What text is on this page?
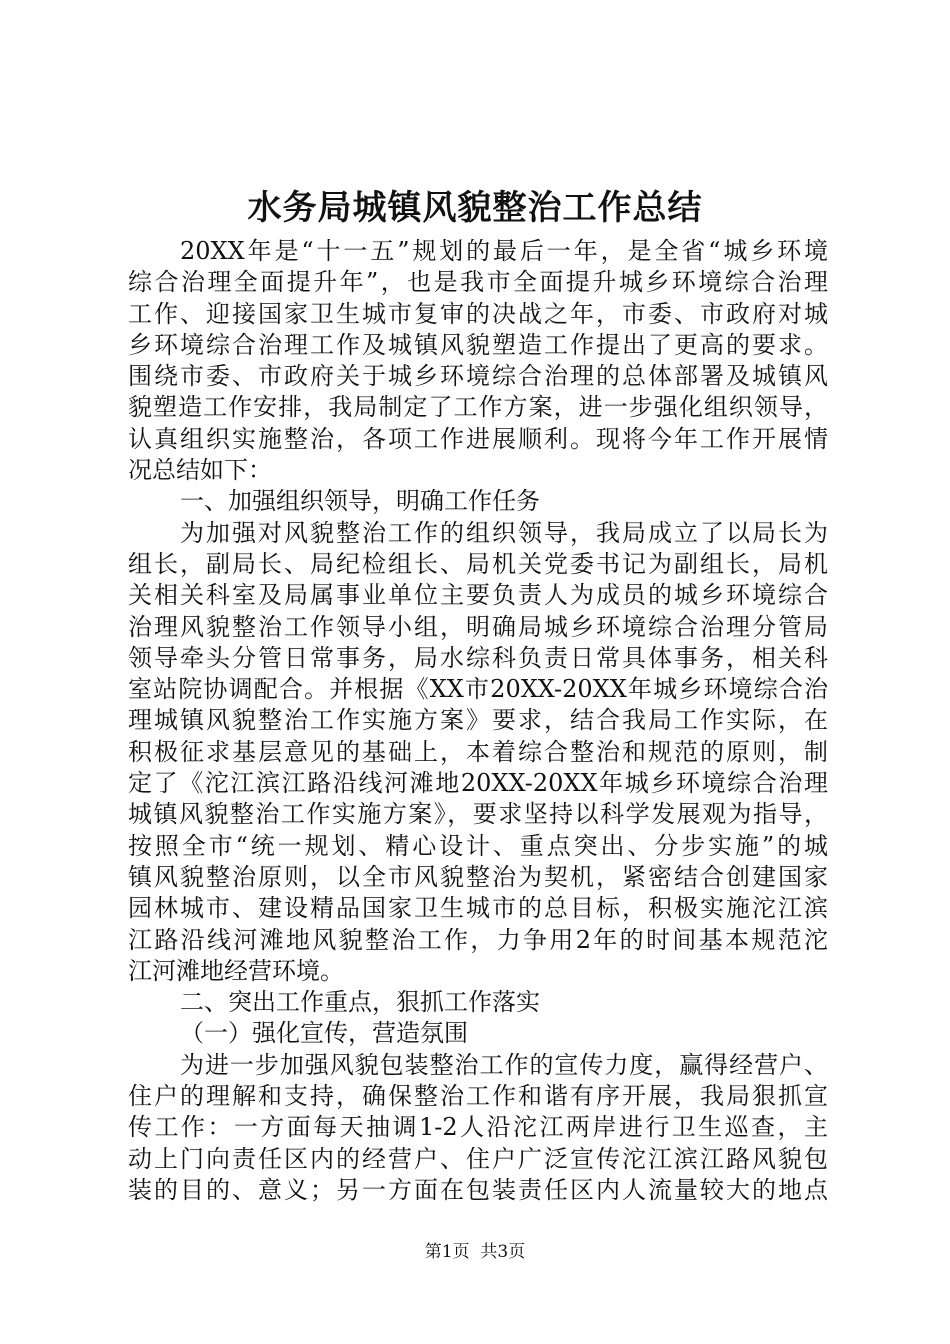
水务局城镇风貌整治工作总结
20XX年是“十一五”规划的最后一年，是全省“城乡环境
综合治理全面提升年”，也是我市全面提升城乡环境综合治理
工作、迎接国家卫生城市复审的决战之年，市委、市政府对城
乡环境综合治理工作及城镇风貌塑造工作提出了更高的要求。
围绕市委、市政府关于城乡环境综合治理的总体部署及城镇风
貌塑造工作安排，我局制定了工作方案，进一步强化组织领导，
认真组织实施整治，各项工作进展顺利。现将今年工作开展情
况总结如下：
一、加强组织领导，明确工作任务
为加强对风貌整治工作的组织领导，我局成立了以局长为
组长，副局长、局纪检组长、局机关党委书记为副组长，局机
关相关科室及局属事业单位主要负责人为成员的城乡环境综合
治理风貌整治工作领导小组，明确局城乡环境综合治理分管局
领导牵头分管日常事务，局水综科负责日常具体事务，相关科
室站院协调配合。并根据《XX市20XX-20XX年城乡环境综合治
理城镇风貌整治工作实施方案》要求，结合我局工作实际，在
积极征求基层意见的基础上，本着综合整治和规范的原则，制
定了《沱江滨江路沿线河滩地20XX-20XX年城乡环境综合治理
城镇风貌整治工作实施方案》，要求坚持以科学发展观为指导，
按照全市“统一规划、精心设计、重点突出、分步实施”的城
镇风貌整治原则，以全市风貌整治为契机，紧密结合创建国家
园林城市、建设精品国家卫生城市的总目标，积极实施沱江滨
江路沿线河滩地风貌整治工作，力争用2年的时间基本规范沱
江河滩地经营环境。
二、突出工作重点，狠抓工作落实
（一）强化宣传，营造氛围
为进一步加强风貌包装整治工作的宣传力度，赢得经营户、
住户的理解和支持，确保整治工作和谐有序开展，我局狠抓宣
传工作：一方面每天抽调1-2人沿沱江两岸进行卫生巡查，主
动上门向责任区内的经营户、住户广泛宣传沱江滨江路风貌包
装的目的、意义；另一方面在包装责任区内人流量较大的地点
第1页  共3页
